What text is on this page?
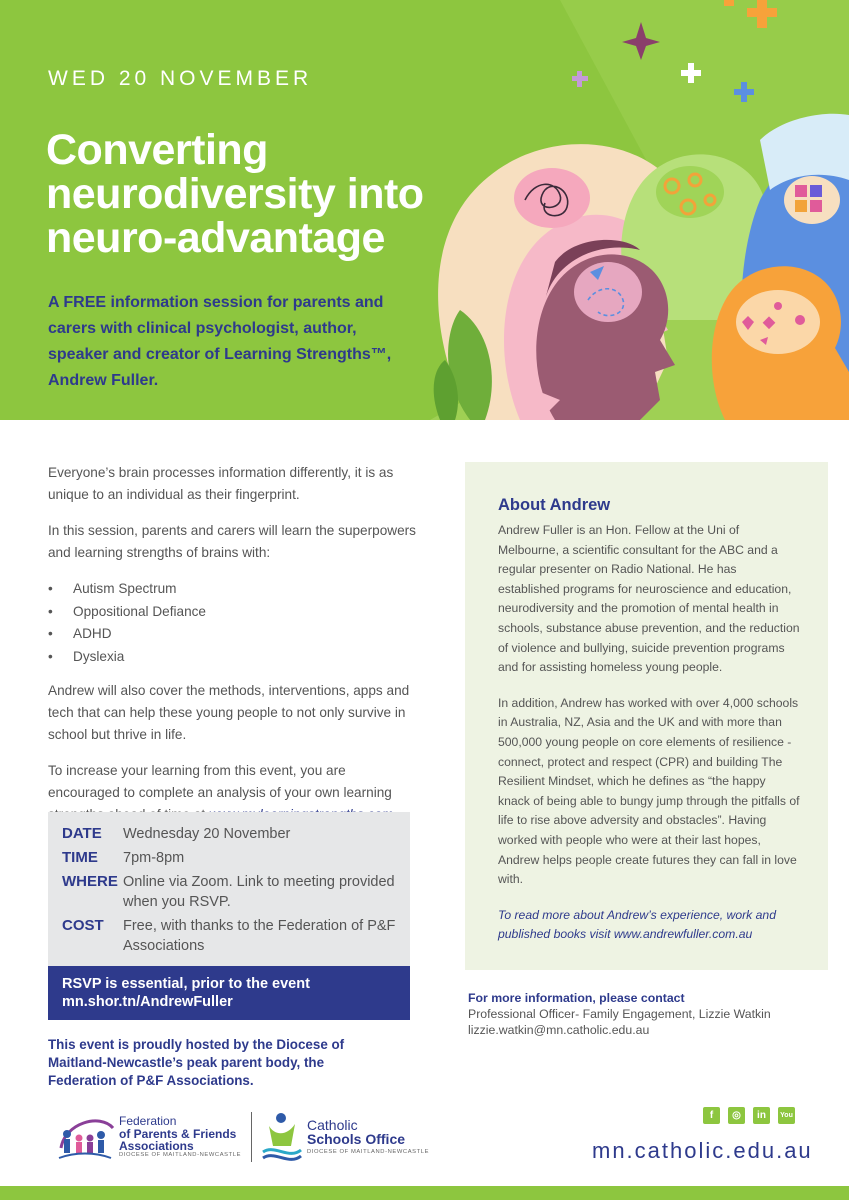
WED 20 NOVEMBER
Converting neurodiversity into neuro-advantage
A FREE information session for parents and carers with clinical psychologist, author, speaker and creator of Learning Strengths™, Andrew Fuller.

Everyone’s brain processes information differently, it is as unique to an individual as their fingerprint.

In this session, parents and carers will learn the superpowers and learning strengths of brains with:

• Autism Spectrum
• Oppositional Defiance
• ADHD
• Dyslexia

Andrew will also cover the methods, interventions, apps and tech that can help these young people to not only survive in school but thrive in life.

To increase your learning from this event, you are encouraged to complete an analysis of your own learning

DATE	Wednesday 20 November
TIME	7pm-8pm
WHERE Online via Zoom. Link to meeting provided when you RSVP.
COST	Free, with thanks to the Federation of P&F Associations
RSVP is essential, prior to the event
mn.shor.tn/AndrewFuller
This event is proudly hosted by the Diocese of Maitland-Newcastle’s peak parent body, the Federation of P&F Associations.
Federation
of Parents & Friends
Associations
DIOCESE OF MAITLAND-NEWCASTLE
Catholic
Schools Office
DIOCESE OF MAITLAND-NEWCASTLE
About Andrew

Andrew Fuller is an Hon. Fellow at the Uni of Melbourne, a scientific consultant for the ABC and a regular presenter on Radio National. He has established programs for neuroscience and education, neurodiversity and the promotion of mental health in schools, substance abuse prevention, and the reduction of violence and bullying, suicide prevention programs and for assisting homeless young people.

In addition, Andrew has worked with over 4,000 schools in Australia, NZ, Asia and the UK and with more than 500,000 young people on core elements of resilience - connect, protect and respect (CPR) and building The Resilient Mindset, which he defines as “the happy knack of being able to bungy jump through the pitfalls of life to rise above adversity and obstacles”. Having worked with people who were at their last hopes, Andrew helps people create futures they can fall in love with.

To read more about Andrew’s experience, work and published books visit www.andrewfuller.com.au

For more information, please contact
Professional Officer- Family Engagement, Lizzie Watkin lizzie.watkin@mn.catholic.edu.au
f	◎	in	You
mn.catholic.edu.au
